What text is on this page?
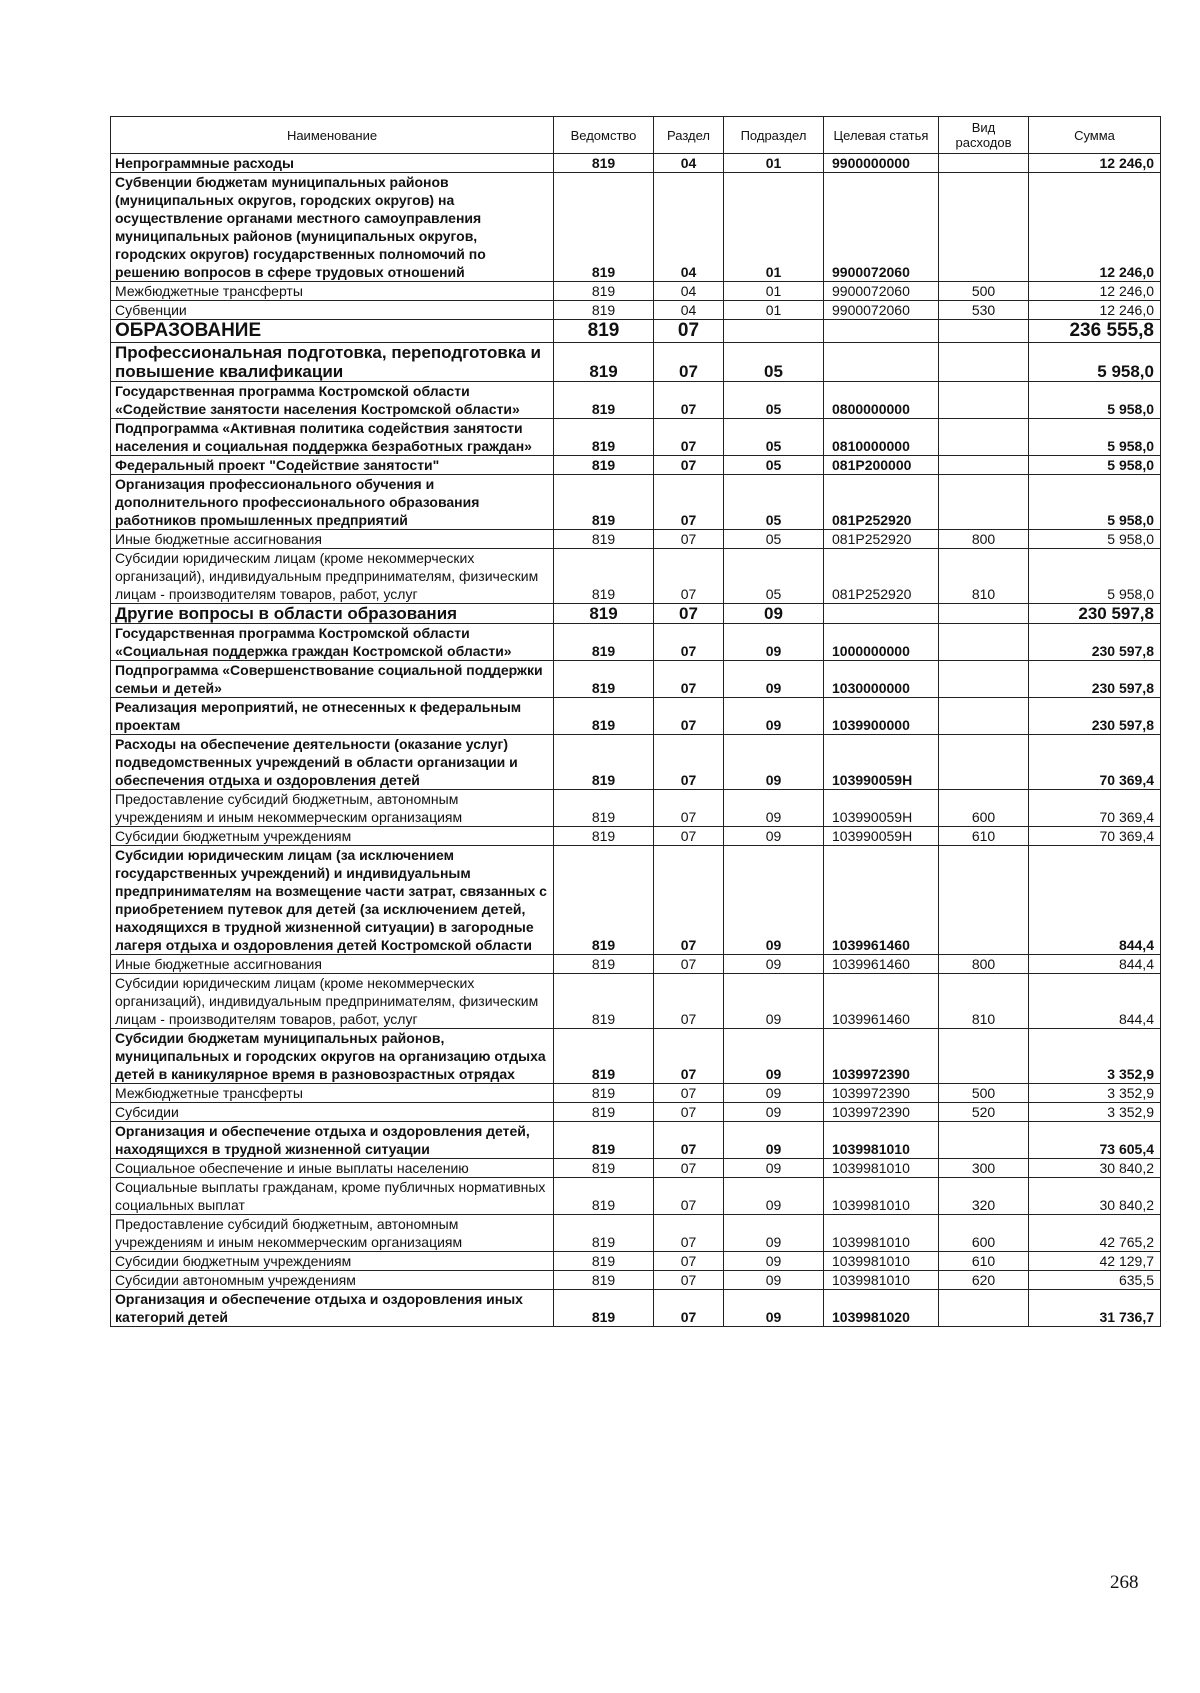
Наименование	Ведомство	Раздел	Подраздел	Целевая статья	Вид расходов	Сумма
Непрограммные расходы	819	04	01	9900000000		12 246,0
Субвенции бюджетам муниципальных районов (муниципальных округов, городских округов) на осуществление органами местного самоуправления муниципальных районов (муниципальных округов, городских округов) государственных полномочий по решению вопросов в сфере трудовых отношений	819	04	01	9900072060		12 246,0
Межбюджетные трансферты	819	04	01	9900072060	500	12 246,0
Субвенции	819	04	01	9900072060	530	12 246,0
ОБРАЗОВАНИЕ	819	07				236 555,8
Профессиональная подготовка, переподготовка и повышение квалификации	819	07	05			5 958,0
Государственная программа Костромской области «Содействие занятости населения Костромской области»	819	07	05	0800000000		5 958,0
Подпрограмма «Активная политика содействия занятости населения и социальная поддержка безработных граждан»	819	07	05	0810000000		5 958,0
Федеральный проект "Содействие занятости"	819	07	05	081P200000		5 958,0
Организация профессионального обучения и дополнительного профессионального образования работников промышленных предприятий	819	07	05	081P252920		5 958,0
Иные бюджетные ассигнования	819	07	05	081P252920	800	5 958,0
Субсидии юридическим лицам (кроме некоммерческих организаций), индивидуальным предпринимателям, физическим лицам - производителям товаров, работ, услуг	819	07	05	081P252920	810	5 958,0
Другие вопросы в области образования	819	07	09			230 597,8
Государственная программа Костромской области «Социальная поддержка граждан Костромской области»	819	07	09	1000000000		230 597,8
Подпрограмма «Совершенствование социальной поддержки семьи и детей»	819	07	09	1030000000		230 597,8
Реализация мероприятий, не отнесенных к федеральным проектам	819	07	09	1039900000		230 597,8
Расходы на обеспечение деятельности (оказание услуг) подведомственных учреждений в области организации и обеспечения отдыха и оздоровления детей	819	07	09	103990059Н		70 369,4
Предоставление субсидий бюджетным, автономным учреждениям и иным некоммерческим организациям	819	07	09	103990059Н	600	70 369,4
Субсидии бюджетным учреждениям	819	07	09	103990059Н	610	70 369,4
Субсидии юридическим лицам (за исключением государственных учреждений) и индивидуальным предпринимателям на возмещение части затрат, связанных с приобретением путевок для детей (за исключением детей, находящихся в трудной жизненной ситуации) в загородные лагеря отдыха и оздоровления детей Костромской области	819	07	09	1039961460		844,4
Иные бюджетные ассигнования	819	07	09	1039961460	800	844,4
Субсидии юридическим лицам (кроме некоммерческих организаций), индивидуальным предпринимателям, физическим лицам - производителям товаров, работ, услуг	819	07	09	1039961460	810	844,4
Субсидии бюджетам муниципальных районов, муниципальных и городских округов на организацию отдыха детей в каникулярное время в разновозрастных отрядах	819	07	09	1039972390		3 352,9
Межбюджетные трансферты	819	07	09	1039972390	500	3 352,9
Субсидии	819	07	09	1039972390	520	3 352,9
Организация и обеспечение отдыха и оздоровления детей, находящихся в трудной жизненной ситуации	819	07	09	1039981010		73 605,4
Социальное обеспечение и иные выплаты населению	819	07	09	1039981010	300	30 840,2
Социальные выплаты гражданам, кроме публичных нормативных социальных выплат	819	07	09	1039981010	320	30 840,2
Предоставление субсидий бюджетным, автономным учреждениям и иным некоммерческим организациям	819	07	09	1039981010	600	42 765,2
Субсидии бюджетным учреждениям	819	07	09	1039981010	610	42 129,7
Субсидии автономным учреждениям	819	07	09	1039981010	620	635,5
Организация и обеспечение отдыха и оздоровления иных категорий детей	819	07	09	1039981020		31 736,7
268
